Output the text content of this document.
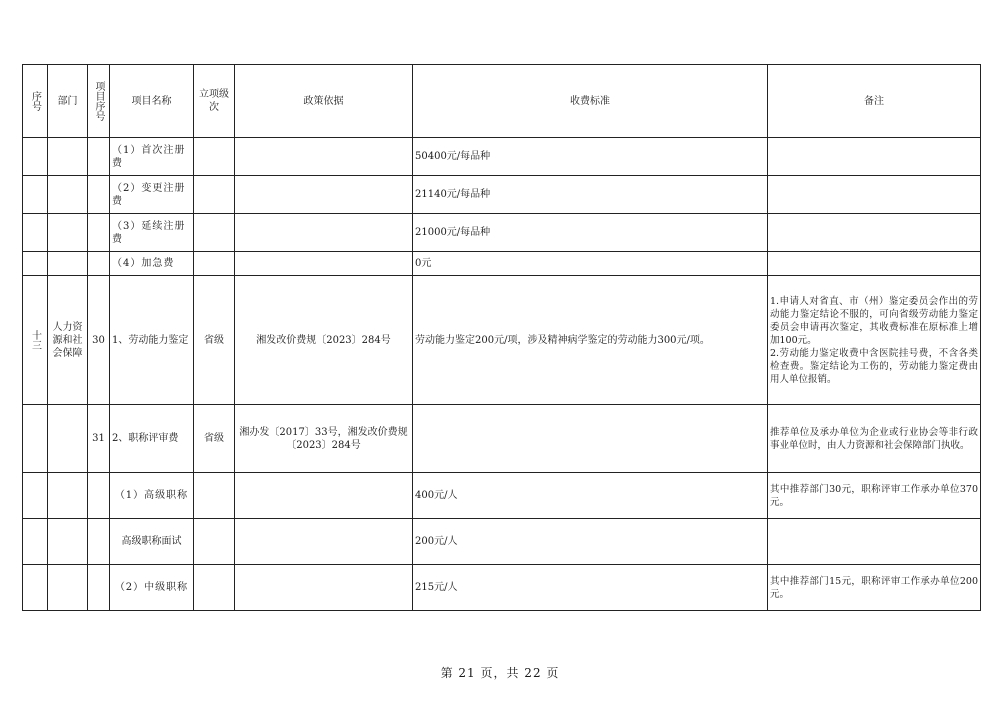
序号	部门	项目序号	项目名称	立项级次	政策依据	收费标准	备注
			（1）首次注册费			50400元/每品种	
			（2）变更注册费			21140元/每品种	
			（3）延续注册费			21000元/每品种	
			（4）加急费			0元	
十三	人力资源和社会保障	30	1、劳动能力鉴定	省级	湘发改价费规〔2023〕284号	劳动能力鉴定200元/项，涉及精神病学鉴定的劳动能力300元/项。	1.申请人对省直、市（州）鉴定委员会作出的劳动能力鉴定结论不服的，可向省级劳动能力鉴定委员会申请再次鉴定，其收费标准在原标准上增加100元。
2.劳动能力鉴定收费中含医院挂号费，不含各类检查费。鉴定结论为工伤的，劳动能力鉴定费由用人单位报销。
		31	2、职称评审费	省级	湘办发〔2017〕33号，湘发改价费规〔2023〕284号		推荐单位及承办单位为企业或行业协会等非行政事业单位时，由人力资源和社会保障部门执收。
			（1）高级职称			400元/人	其中推荐部门30元，职称评审工作承办单位370元。
			高级职称面试			200元/人	
			（2）中级职称			215元/人	其中推荐部门15元，职称评审工作承办单位200元。
第 21 页，共 22 页
